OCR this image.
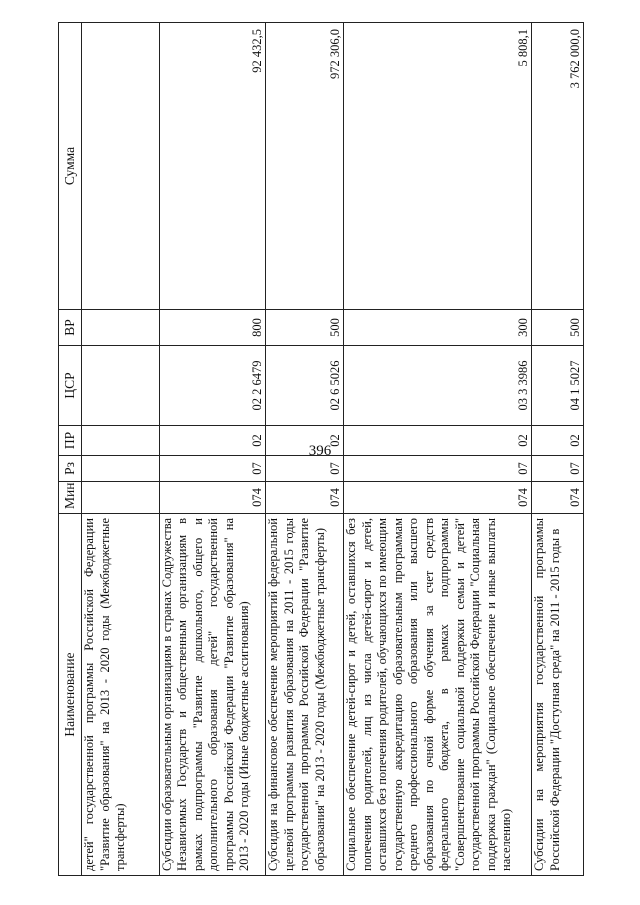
396
Наименование	Мин	Рз	ПР	ЦСР	ВР	Сумма
детей" государственной программы Российской Федерации "Развитие образования" на 2013 - 2020 годы (Межбюджетные трансферты)						
Субсидии образовательным организациям в странах Содружества Независимых Государств и общественным организациям в рамках подпрограммы "Развитие дошкольного, общего и дополнительного образования детей" государственной программы Российской Федерации "Развитие образования" на 2013 - 2020 годы (Иные бюджетные ассигнования)	074	07	02	02 2 6479	800	92 432,5
Субсидия на финансовое обеспечение мероприятий федеральной целевой программы развития образования на 2011 - 2015 годы государственной программы Российской Федерации "Развитие образования" на 2013 - 2020 годы (Межбюджетные трансферты)	074	07	02	02 6 5026	500	972 306,0
Социальное обеспечение детей-сирот и детей, оставшихся без попечения родителей, лиц из числа детей-сирот и детей, оставшихся без попечения родителей, обучающихся по имеющим государственную аккредитацию образовательным программам среднего профессионального образования или высшего образования по очной форме обучения за счет средств федерального бюджета, в рамках подпрограммы "Совершенствование социальной поддержки семьи и детей" государственной программы Российской Федерации "Социальная поддержка граждан" (Социальное обеспечение и иные выплаты населению)	074	07	02	03 3 3986	300	5 808,1
Субсидии на мероприятия государственной программы Российской Федерации "Доступная среда" на 2011 - 2015 годы в	074	07	02	04 1 5027	500	3 762 000,0
